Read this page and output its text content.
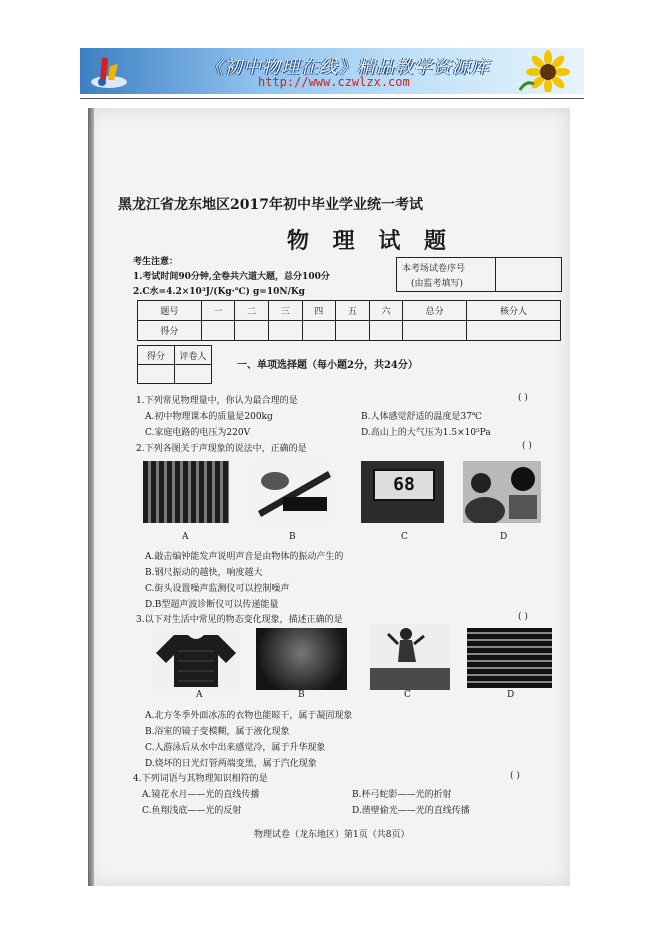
《初中物理在线》精品教学资源库
http://www.czwlzx.com
黑龙江省龙东地区2017年初中毕业学业统一考试
物 理 试 题
考生注意：
1.考试时间90分钟,全卷共六道大题，总分100分
2.C水=4.2×10³J/(Kg·℃) g=10N/Kg
本考场试卷序号
(由监考填写)
题号	一	二	三	四	五	六	总分	核分人
得分								
得分	评卷人

一、单项选择题（每小题2分，共24分）
1.下列常见物理量中，你认为最合理的是	( )
A.初中物理课本的质量是200kg	B.人体感觉舒适的温度是37℃
C.家庭电路的电压为220V	D.高山上的大气压为1.5×10⁵Pa
2.下列各图关于声现象的说法中，正确的是	( )
68
A	B	C	D
A.敲击编钟能发声说明声音是由物体的振动产生的
B.钢尺振动的越快，响度越大
C.街头设置噪声监测仪可以控制噪声
D.B型超声波诊断仪可以传递能量
3.以下对生活中常见的物态变化现象，描述正确的是	( )
A	B	C	D
A.北方冬季外面冰冻的衣物也能晾干，属于凝固现象
B.浴室的镜子变模糊，属于液化现象
C.人游泳后从水中出来感觉冷，属于升华现象
D.烧坏的日光灯管两端变黑，属于汽化现象
4.下列词语与其物理知识相符的是	( )
A.镜花水月——光的直线传播	B.杯弓蛇影——光的折射
C.鱼翔浅底——光的反射	D.凿壁偷光——光的直线传播
物理试卷（龙东地区）第1页（共8页）
